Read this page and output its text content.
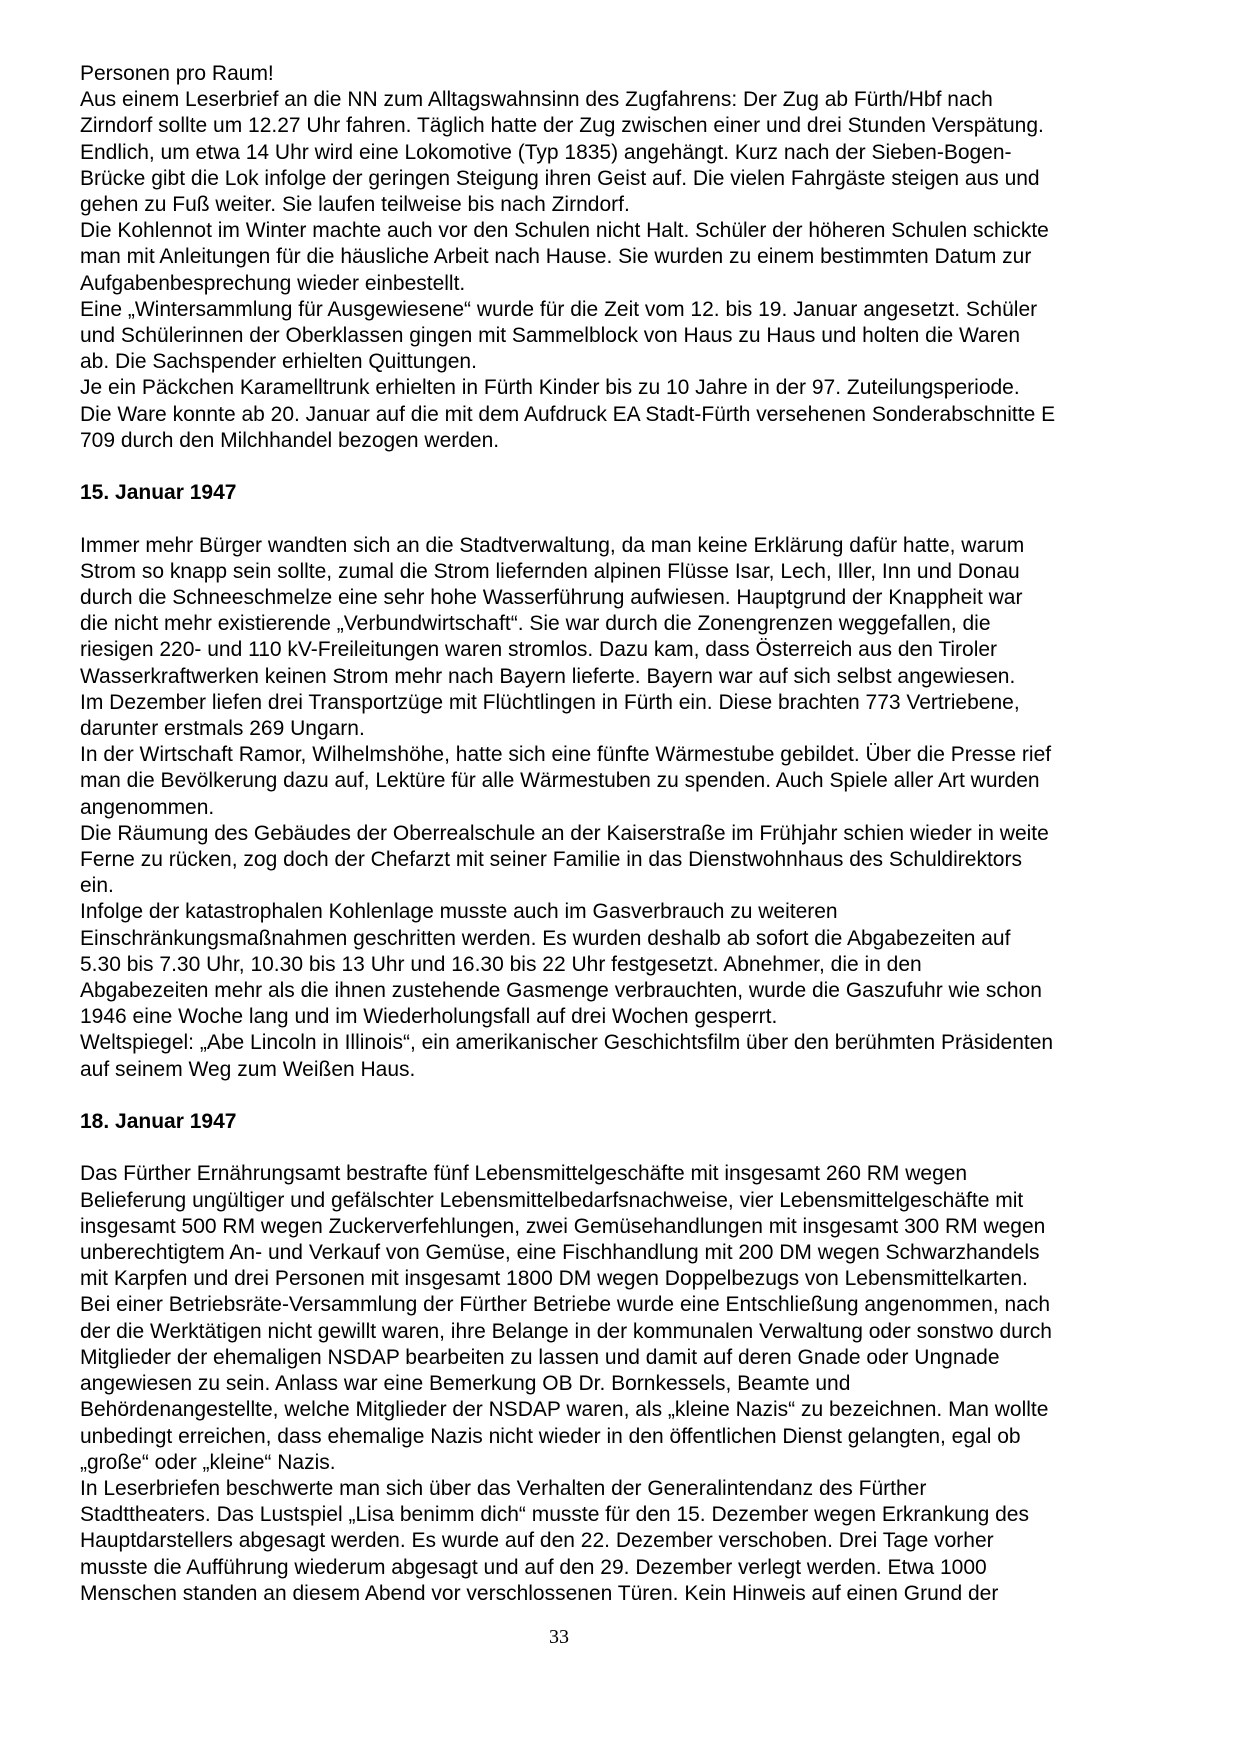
Personen pro Raum!
Aus einem Leserbrief an die NN zum Alltagswahnsinn des Zugfahrens: Der Zug ab Fürth/Hbf nach
Zirndorf sollte um 12.27 Uhr fahren. Täglich hatte der Zug zwischen einer und drei Stunden Verspätung.
Endlich, um etwa 14 Uhr wird eine Lokomotive (Typ 1835) angehängt. Kurz nach der Sieben-Bogen-
Brücke gibt die Lok infolge der geringen Steigung ihren Geist auf. Die vielen Fahrgäste steigen aus und
gehen zu Fuß weiter. Sie laufen teilweise bis nach Zirndorf.
Die Kohlennot im Winter machte auch vor den Schulen nicht Halt. Schüler der höheren Schulen schickte
man mit Anleitungen für die häusliche Arbeit nach Hause. Sie wurden zu einem bestimmten Datum zur
Aufgabenbesprechung wieder einbestellt.
Eine „Wintersammlung für Ausgewiesene“ wurde für die Zeit vom 12. bis 19. Januar angesetzt. Schüler
und Schülerinnen der Oberklassen gingen mit Sammelblock von Haus zu Haus und holten die Waren
ab. Die Sachspender erhielten Quittungen.
Je ein Päckchen Karamelltrunk erhielten in Fürth Kinder bis zu 10 Jahre in der 97. Zuteilungsperiode.
Die Ware konnte ab 20. Januar auf die mit dem Aufdruck EA Stadt-Fürth versehenen Sonderabschnitte E
709 durch den Milchhandel bezogen werden.
15. Januar 1947
Immer mehr Bürger wandten sich an die Stadtverwaltung, da man keine Erklärung dafür hatte, warum
Strom so knapp sein sollte, zumal die Strom liefernden alpinen Flüsse Isar, Lech, Iller, Inn und Donau
durch die Schneeschmelze eine sehr hohe Wasserführung aufwiesen. Hauptgrund der Knappheit war
die nicht mehr existierende „Verbundwirtschaft“. Sie war durch die Zonengrenzen weggefallen, die
riesigen 220- und 110 kV-Freileitungen waren stromlos. Dazu kam, dass Österreich aus den Tiroler
Wasserkraftwerken keinen Strom mehr nach Bayern lieferte. Bayern war auf sich selbst angewiesen.
Im Dezember liefen drei Transportzüge mit Flüchtlingen in Fürth ein. Diese brachten 773 Vertriebene,
darunter erstmals 269 Ungarn.
In der Wirtschaft Ramor, Wilhelmshöhe, hatte sich eine fünfte Wärmestube gebildet. Über die Presse rief
man die Bevölkerung dazu auf, Lektüre für alle Wärmestuben zu spenden. Auch Spiele aller Art wurden
angenommen.
Die Räumung des Gebäudes der Oberrealschule an der Kaiserstraße im Frühjahr schien wieder in weite
Ferne zu rücken, zog doch der Chefarzt mit seiner Familie in das Dienstwohnhaus des Schuldirektors
ein.
Infolge der katastrophalen Kohlenlage musste auch im Gasverbrauch zu weiteren
Einschränkungsmaßnahmen geschritten werden. Es wurden deshalb ab sofort die Abgabezeiten auf
5.30 bis 7.30 Uhr, 10.30 bis 13 Uhr und 16.30 bis 22 Uhr festgesetzt. Abnehmer, die in den
Abgabezeiten mehr als die ihnen zustehende Gasmenge verbrauchten, wurde die Gaszufuhr wie schon
1946 eine Woche lang und im Wiederholungsfall auf drei Wochen gesperrt.
Weltspiegel: „Abe Lincoln in Illinois“, ein amerikanischer Geschichtsfilm über den berühmten Präsidenten
auf seinem Weg zum Weißen Haus.
18. Januar 1947
Das Fürther Ernährungsamt bestrafte fünf Lebensmittelgeschäfte mit insgesamt 260 RM wegen
Belieferung ungültiger und gefälschter Lebensmittelbedarfsnachweise, vier Lebensmittelgeschäfte mit
insgesamt 500 RM wegen Zuckerverfehlungen, zwei Gemüsehandlungen mit insgesamt 300 RM wegen
unberechtigtem An- und Verkauf von Gemüse, eine Fischhandlung mit 200 DM wegen Schwarzhandels
mit Karpfen und drei Personen mit insgesamt 1800 DM wegen Doppelbezugs von Lebensmittelkarten.
Bei einer Betriebsräte-Versammlung der Fürther Betriebe wurde eine Entschließung angenommen, nach
der die Werktätigen nicht gewillt waren, ihre Belange in der kommunalen Verwaltung oder sonstwo durch
Mitglieder der ehemaligen NSDAP bearbeiten zu lassen und damit auf deren Gnade oder Ungnade
angewiesen zu sein. Anlass war eine Bemerkung OB Dr. Bornkessels, Beamte und
Behördenangestellte, welche Mitglieder der NSDAP waren, als „kleine Nazis“ zu bezeichnen. Man wollte
unbedingt erreichen, dass ehemalige Nazis nicht wieder in den öffentlichen Dienst gelangten, egal ob
„große“ oder „kleine“ Nazis.
In Leserbriefen beschwerte man sich über das Verhalten der Generalintendanz des Fürther
Stadttheaters. Das Lustspiel „Lisa benimm dich“ musste für den 15. Dezember wegen Erkrankung des
Hauptdarstellers abgesagt werden. Es wurde auf den 22. Dezember verschoben. Drei Tage vorher
musste die Aufführung wiederum abgesagt und auf den 29. Dezember verlegt werden. Etwa 1000
Menschen standen an diesem Abend vor verschlossenen Türen. Kein Hinweis auf einen Grund der
33
